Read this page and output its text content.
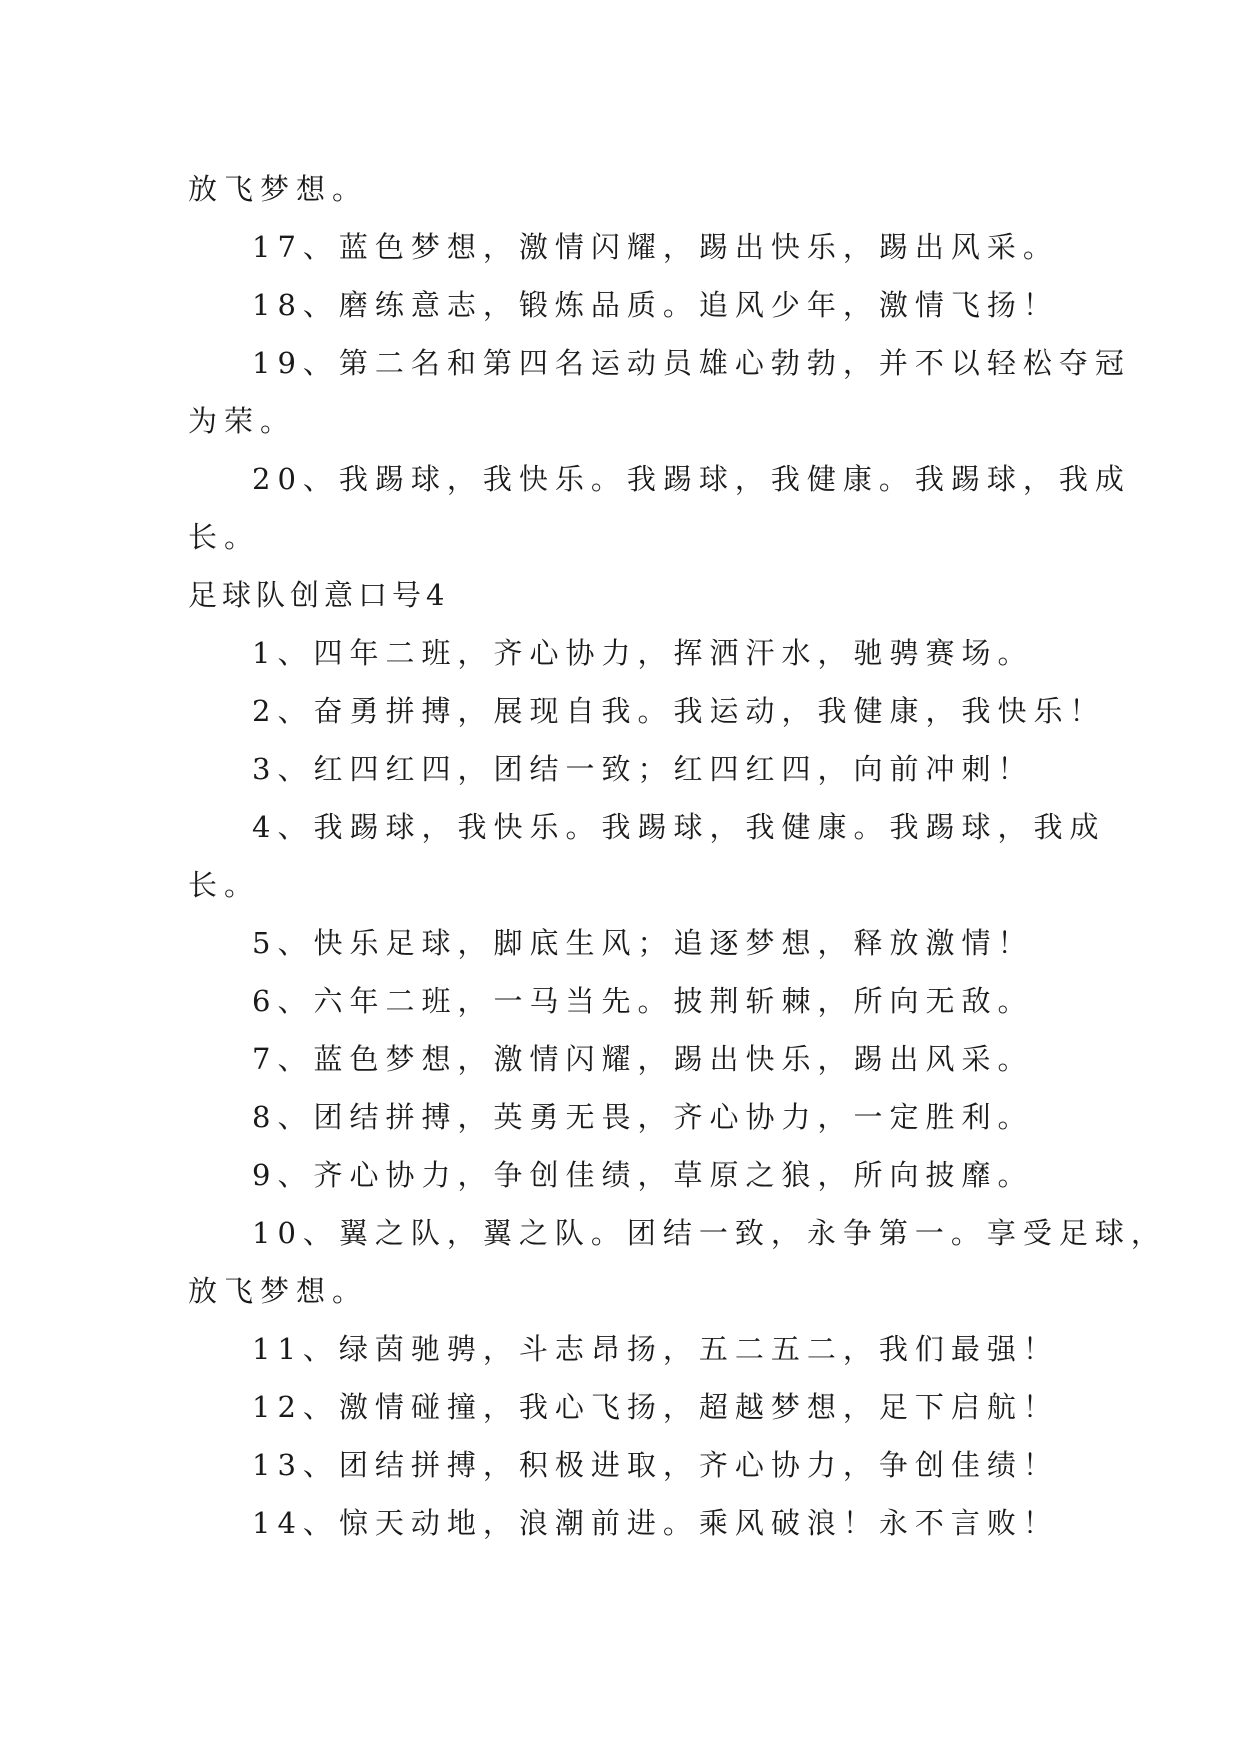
放飞梦想。
17、蓝色梦想，激情闪耀，踢出快乐，踢出风采。
18、磨练意志，锻炼品质。追风少年，激情飞扬！
19、第二名和第四名运动员雄心勃勃，并不以轻松夺冠
为荣。
20、我踢球，我快乐。我踢球，我健康。我踢球，我成
长。
足球队创意口号4
1、四年二班，齐心协力，挥洒汗水，驰骋赛场。
2、奋勇拼搏，展现自我。我运动，我健康，我快乐！
3、红四红四，团结一致；红四红四，向前冲刺！
4、我踢球，我快乐。我踢球，我健康。我踢球，我成
长。
5、快乐足球，脚底生风；追逐梦想，释放激情！
6、六年二班，一马当先。披荆斩棘，所向无敌。
7、蓝色梦想，激情闪耀，踢出快乐，踢出风采。
8、团结拼搏，英勇无畏，齐心协力，一定胜利。
9、齐心协力，争创佳绩，草原之狼，所向披靡。
10、翼之队，翼之队。团结一致，永争第一。享受足球，
放飞梦想。
11、绿茵驰骋，斗志昂扬，五二五二，我们最强！
12、激情碰撞，我心飞扬，超越梦想，足下启航！
13、团结拼搏，积极进取，齐心协力，争创佳绩！
14、惊天动地，浪潮前进。乘风破浪！永不言败！
